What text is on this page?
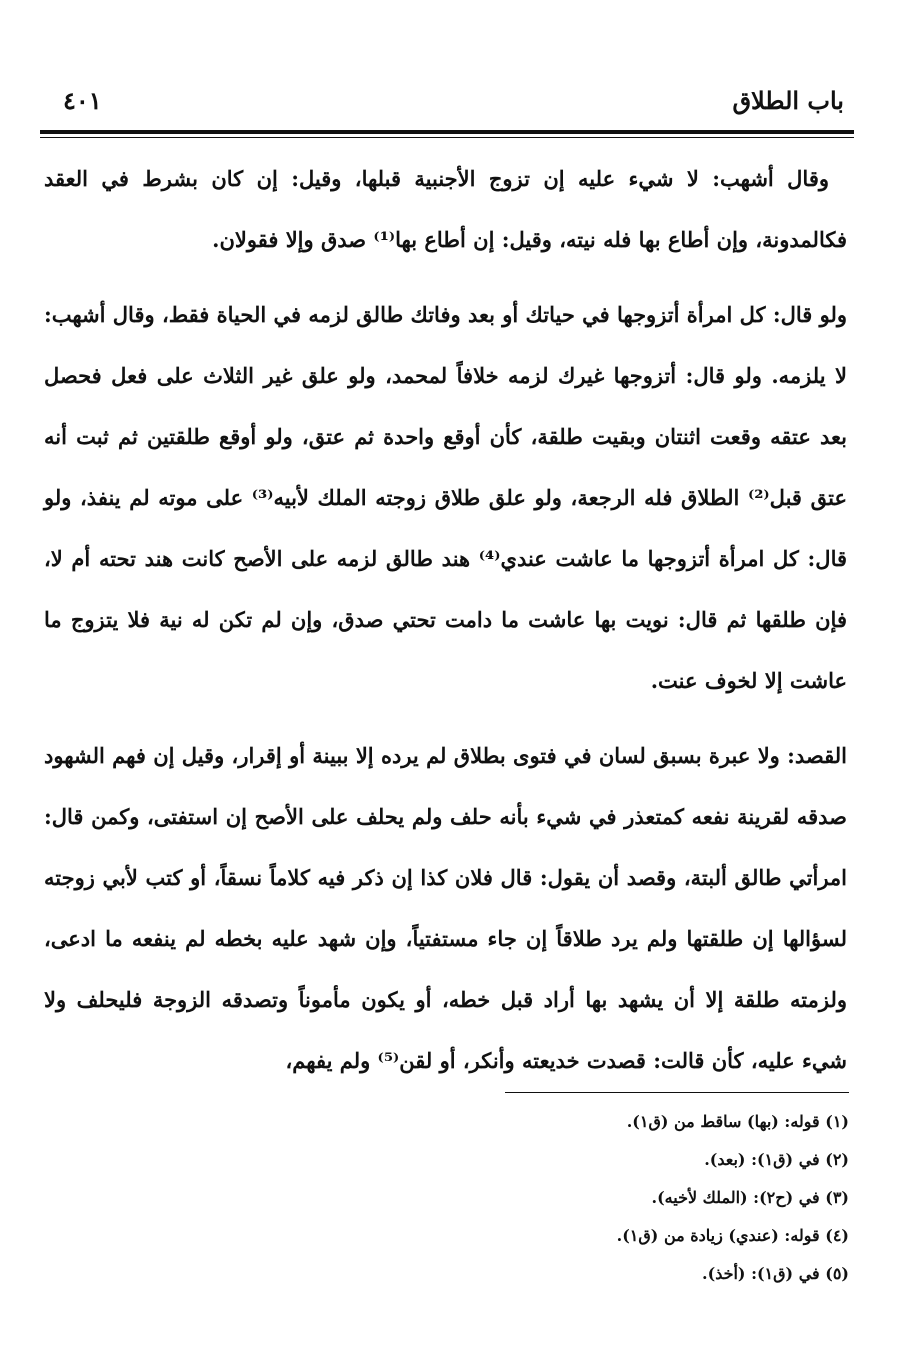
باب الطلاق
٤٠١

وقال أشهب: لا شيء عليه إن تزوج الأجنبية قبلها، وقيل: إن كان بشرط في العقد فكالمدونة، وإن أطاع بها فله نيته، وقيل: إن أطاع بها⁽¹⁾ صدق وإلا فقولان.

ولو قال: كل امرأة أتزوجها في حياتك أو بعد وفاتك طالق لزمه في الحياة فقط، وقال أشهب: لا يلزمه. ولو قال: أتزوجها غيرك لزمه خلافاً لمحمد، ولو علق غير الثلاث على فعل فحصل بعد عتقه وقعت اثنتان وبقيت طلقة، كأن أوقع واحدة ثم عتق، ولو أوقع طلقتين ثم ثبت أنه عتق قبل⁽²⁾ الطلاق فله الرجعة، ولو علق طلاق زوجته الملك لأبيه⁽³⁾ على موته لم ينفذ، ولو قال: كل امرأة أتزوجها ما عاشت عندي⁽⁴⁾ هند طالق لزمه على الأصح كانت هند تحته أم لا، فإن طلقها ثم قال: نويت بها عاشت ما دامت تحتي صدق، وإن لم تكن له نية فلا يتزوج ما عاشت إلا لخوف عنت.

القصد: ولا عبرة بسبق لسان في فتوى بطلاق لم يرده إلا ببينة أو إقرار، وقيل إن فهم الشهود صدقه لقرينة نفعه كمتعذر في شيء بأنه حلف ولم يحلف على الأصح إن استفتى، وكمن قال: امرأتي طالق ألبتة، وقصد أن يقول: قال فلان كذا إن ذكر فيه كلاماً نسقاً، أو كتب لأبي زوجته لسؤالها إن طلقتها ولم يرد طلاقاً إن جاء مستفتياً، وإن شهد عليه بخطه لم ينفعه ما ادعى، ولزمته طلقة إلا أن يشهد بها أراد قبل خطه، أو يكون مأموناً وتصدقه الزوجة فليحلف ولا شيء عليه، كأن قالت: قصدت خديعته وأنكر، أو لقن⁽⁵⁾ ولم يفهم،

(١) قوله: (بها) ساقط من (ق١).
(٢) في (ق١): (بعد).
(٣) في (ح٢): (الملك لأخيه).
(٤) قوله: (عندي) زيادة من (ق١).
(٥) في (ق١): (أخذ).
